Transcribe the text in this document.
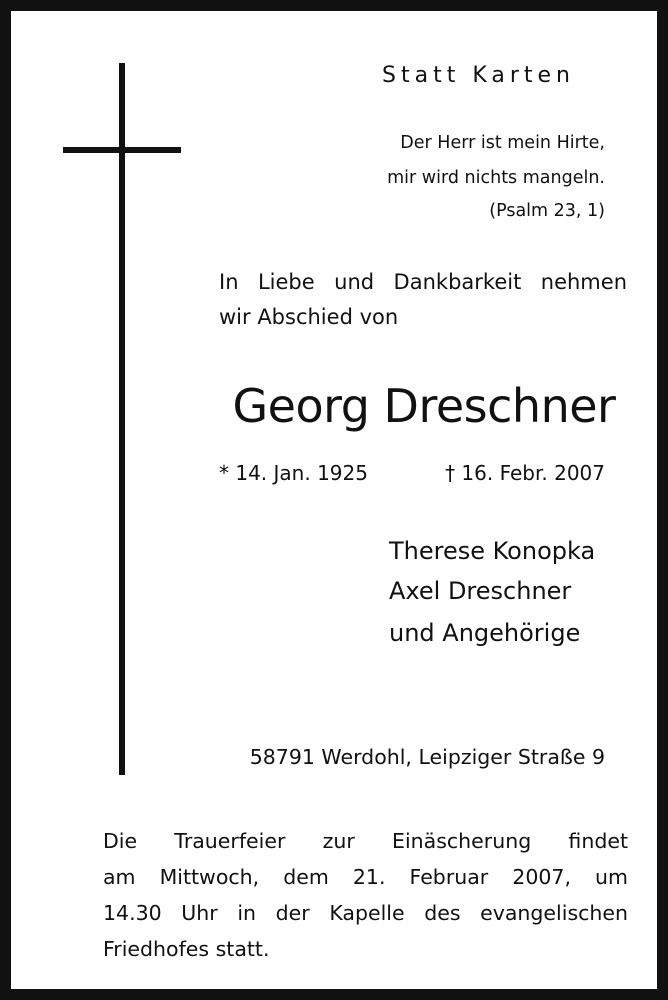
Statt Karten
Der Herr ist mein Hirte,
mir wird nichts mangeln.
(Psalm 23, 1)
In Liebe und Dankbarkeit nehmen
wir Abschied von
Georg Dreschner
* 14. Jan. 1925	† 16. Febr. 2007
Therese Konopka
Axel Dreschner
und Angehörige
58791 Werdohl, Leipziger Straße 9
Die Trauerfeier zur Einäscherung findet
am Mittwoch, dem 21. Februar 2007, um
14.30 Uhr in der Kapelle des evangelischen
Friedhofes statt.
